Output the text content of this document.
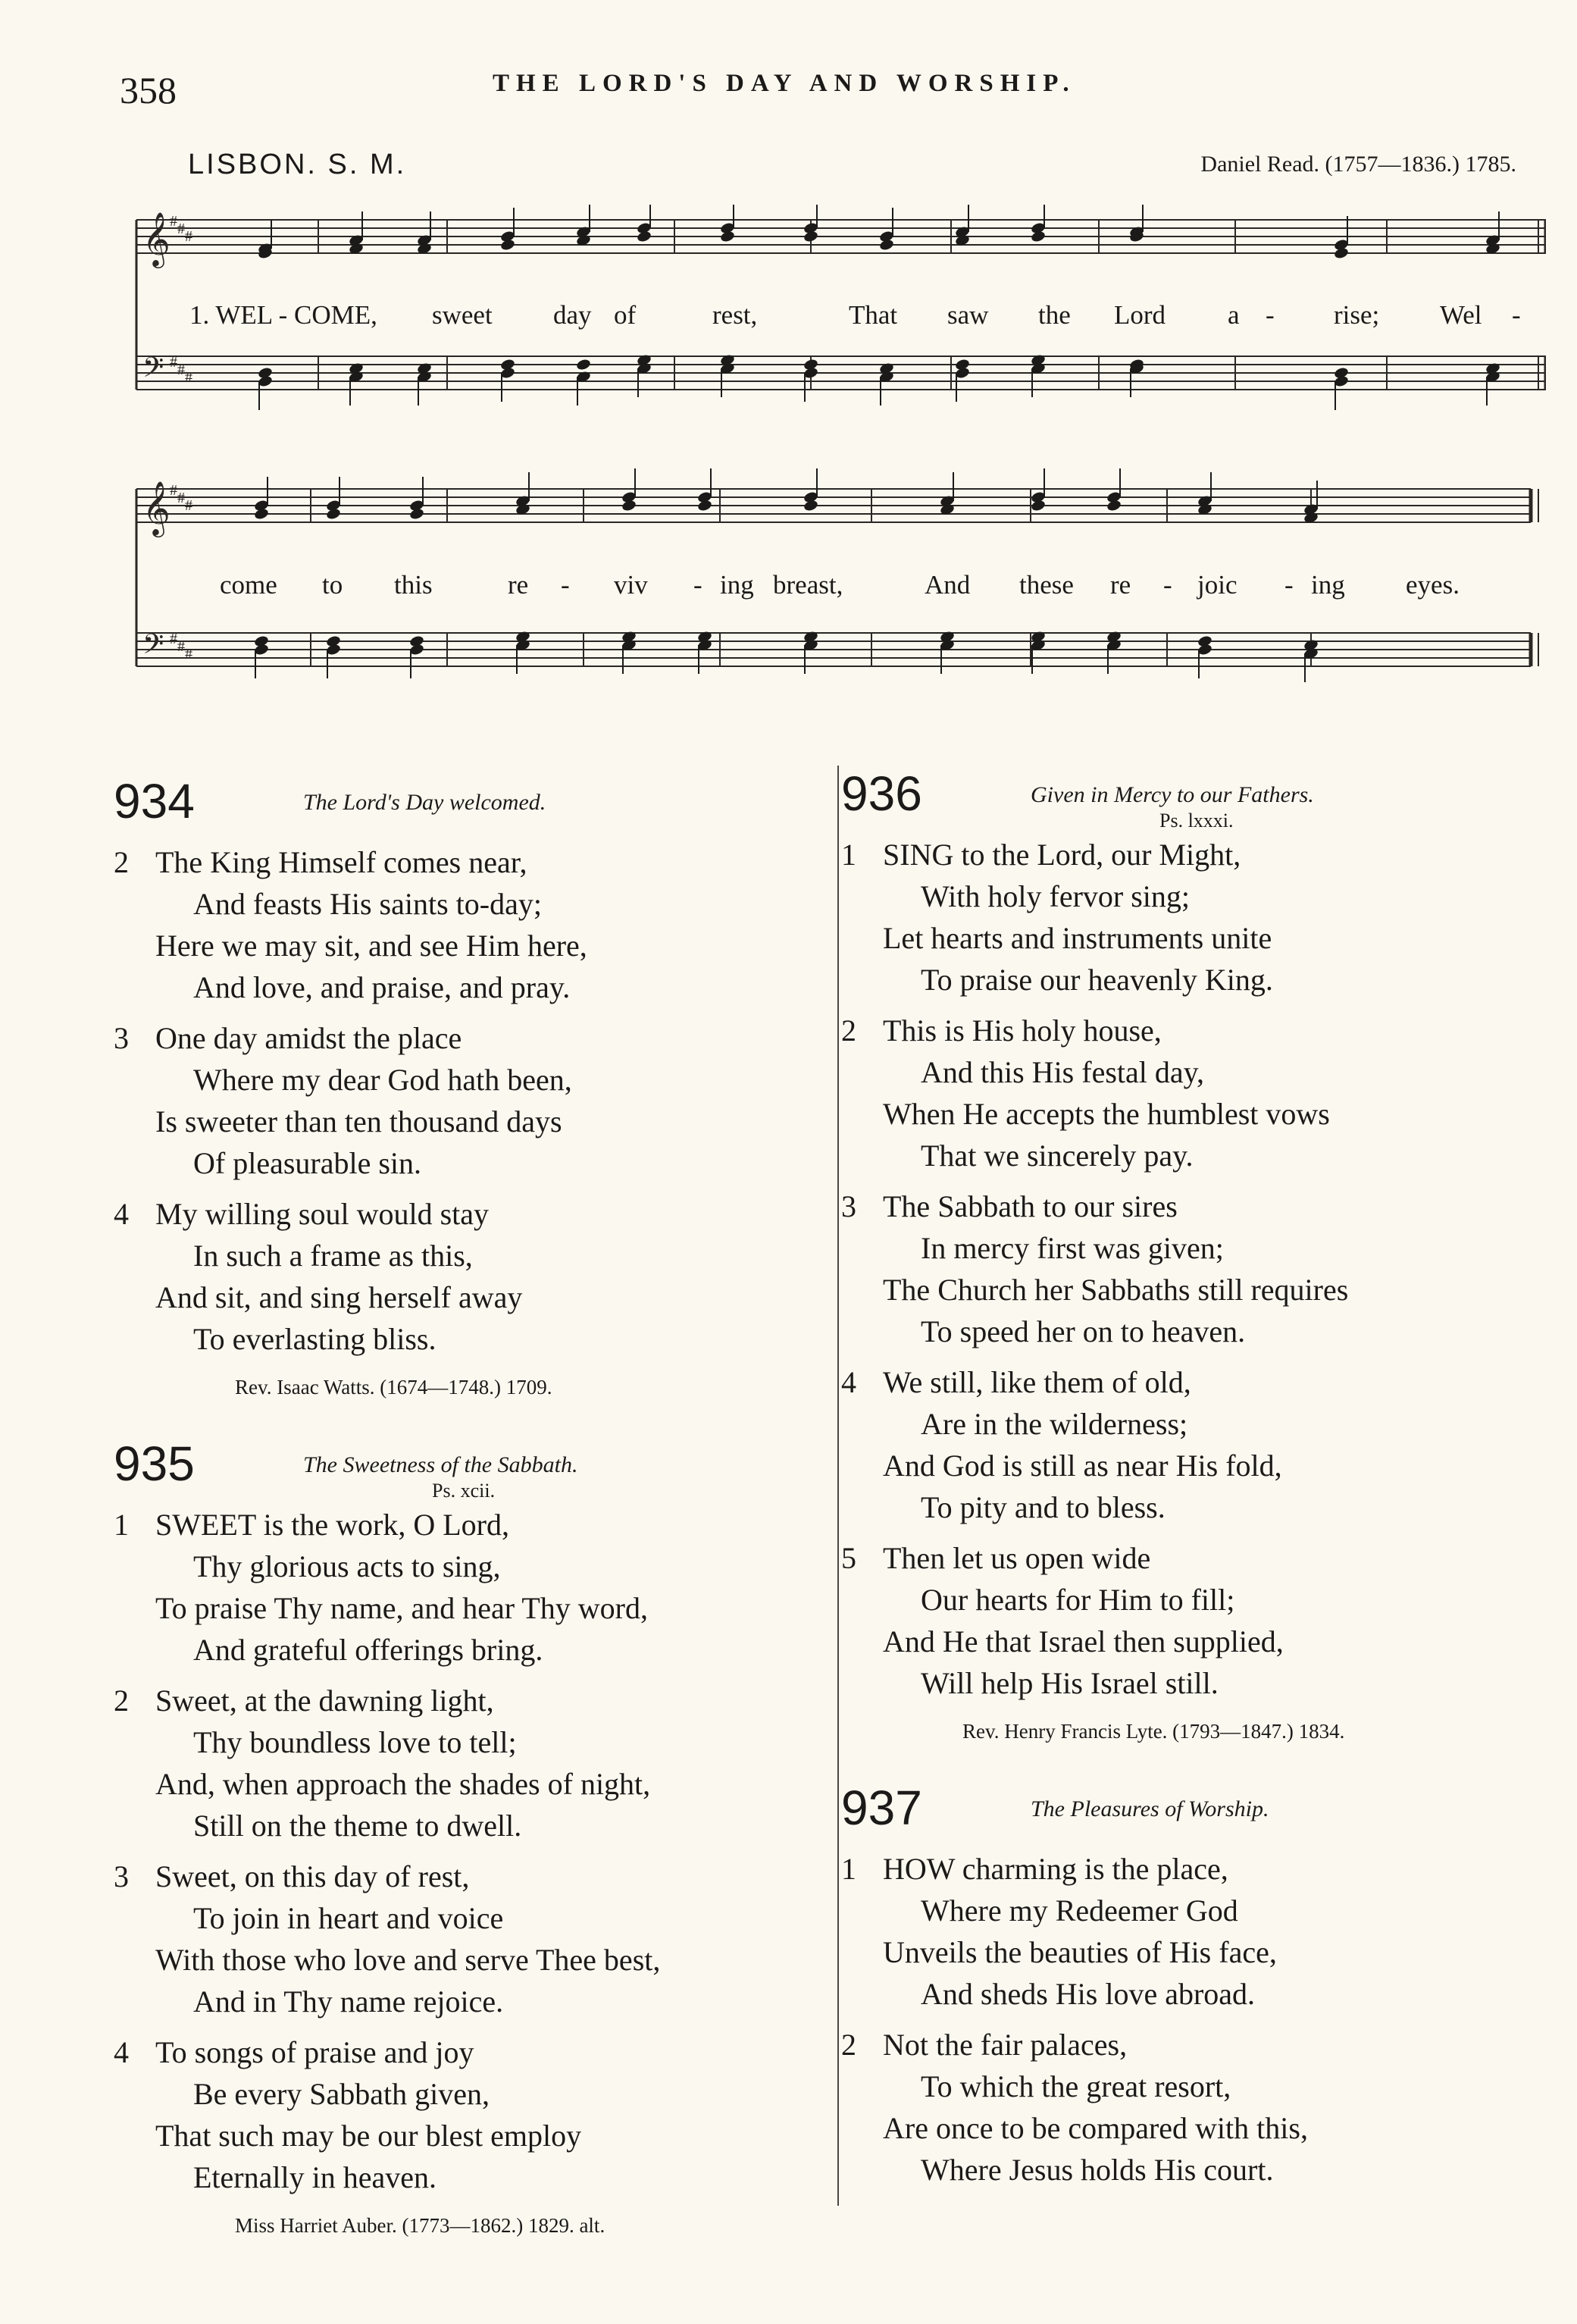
358	THE LORD'S DAY AND WORSHIP.
LISBON. S. M.	Daniel Read. (1757—1836.) 1785.
𝄞
𝄢
#
#
#
#
#
#
1. WEL - COME, sweet day of	rest,	That saw the Lord a - rise; Wel -
𝄞
𝄢
#
#
#
#
#
#
come to this	re - viv - ing breast,	And these re - joic - ing eyes.
934	The Lord's Day welcomed.
2 The King Himself comes near,
And feasts His saints to-day;
Here we may sit, and see Him here,
And love, and praise, and pray.
3 One day amidst the place
Where my dear God hath been,
Is sweeter than ten thousand days
Of pleasurable sin.
4 My willing soul would stay
In such a frame as this,
And sit, and sing herself away
To everlasting bliss.
Rev. Isaac Watts. (1674—1748.) 1709.
935	The Sweetness of the Sabbath.
Ps. xcii.
1 SWEET is the work, O Lord,
Thy glorious acts to sing,
To praise Thy name, and hear Thy word,
And grateful offerings bring.
2 Sweet, at the dawning light,
Thy boundless love to tell;
And, when approach the shades of night,
Still on the theme to dwell.
3 Sweet, on this day of rest,
To join in heart and voice
With those who love and serve Thee best,
And in Thy name rejoice.
4 To songs of praise and joy
Be every Sabbath given,
That such may be our blest employ
Eternally in heaven.
Miss Harriet Auber. (1773—1862.) 1829. alt.
936	Given in Mercy to our Fathers.
Ps. lxxxi.
1 SING to the Lord, our Might,
With holy fervor sing;
Let hearts and instruments unite
To praise our heavenly King.
2 This is His holy house,
And this His festal day,
When He accepts the humblest vows
That we sincerely pay.
3 The Sabbath to our sires
In mercy first was given;
The Church her Sabbaths still requires
To speed her on to heaven.
4 We still, like them of old,
Are in the wilderness;
And God is still as near His fold,
To pity and to bless.
5 Then let us open wide
Our hearts for Him to fill;
And He that Israel then supplied,
Will help His Israel still.
Rev. Henry Francis Lyte. (1793—1847.) 1834.
937	The Pleasures of Worship.
1 HOW charming is the place,
Where my Redeemer God
Unveils the beauties of His face,
And sheds His love abroad.
2 Not the fair palaces,
To which the great resort,
Are once to be compared with this,
Where Jesus holds His court.
